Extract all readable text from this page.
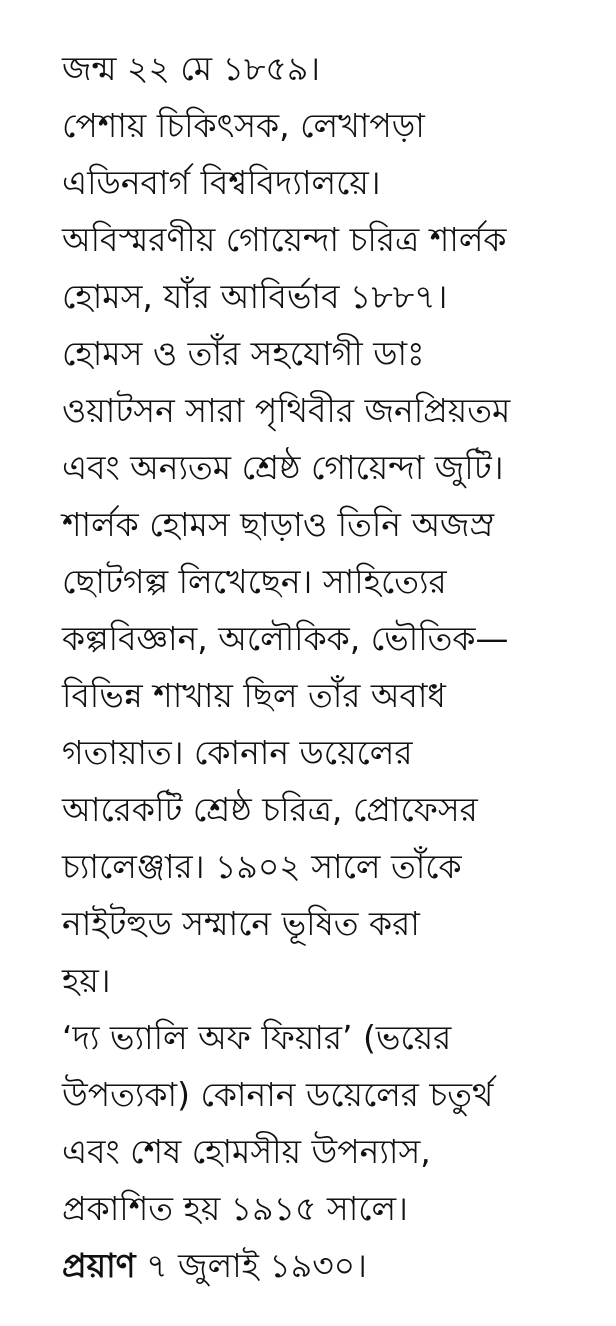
জন্ম ২২ মে ১৮৫৯।
পেশায় চিকিৎসক, লেখাপড়া
এডিনবার্গ বিশ্ববিদ্যালয়ে।
অবিস্মরণীয় গোয়েন্দা চরিত্র শার্লক
হোমস, যাঁর আবির্ভাব ১৮৮৭।
হোমস ও তাঁর সহযোগী ডাঃ
ওয়াটসন সারা পৃথিবীর জনপ্রিয়তম
এবং অন্যতম শ্রেষ্ঠ গোয়েন্দা জুটি।
শার্লক হোমস ছাড়াও তিনি অজস্র
ছোটগল্প লিখেছেন। সাহিত্যের
কল্পবিজ্ঞান, অলৌকিক, ভৌতিক—
বিভিন্ন শাখায় ছিল তাঁর অবাধ
গতায়াত। কোনান ডয়েলের
আরেকটি শ্রেষ্ঠ চরিত্র, প্রোফেসর
চ্যালেঞ্জার। ১৯০২ সালে তাঁকে
নাইটহুড সম্মানে ভূষিত করা
হয়।
‘দ্য ভ্যালি অফ ফিয়ার’ (ভয়ের
উপত্যকা) কোনান ডয়েলের চতুর্থ
এবং শেষ হোমসীয় উপন্যাস,
প্রকাশিত হয় ১৯১৫ সালে।
প্রয়াণ ৭ জুলাই ১৯৩০।
